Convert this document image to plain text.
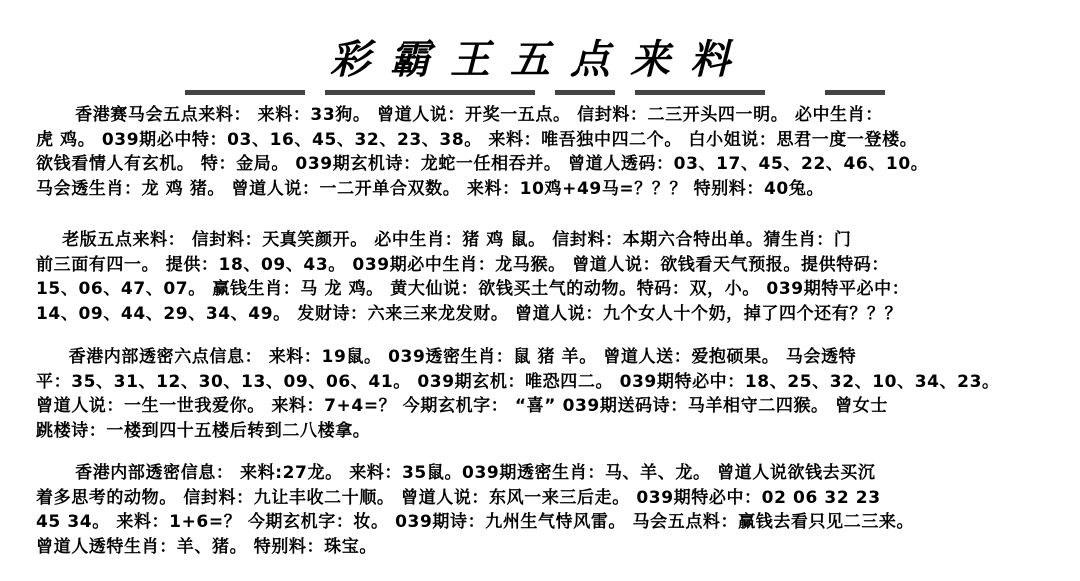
彩霸王五点来料
香港赛马会五点来料： 来料：33狗。 曾道人说：开奖一五点。 信封料：二三开头四一明。 必中生肖：
虎 鸡。 039期必中特：03、16、45、32、23、38。 来料：唯吾独中四二个。 白小姐说：思君一度一登楼。
欲钱看情人有玄机。 特：金局。 039期玄机诗：龙蛇一任相吞并。 曾道人透码：03、17、45、22、46、10。
马会透生肖：龙 鸡 猪。 曾道人说：一二开单合双数。 来料：10鸡+49马=？？？ 特别料：40兔。
老版五点来料： 信封料：天真笑颜开。 必中生肖：猪 鸡 鼠。 信封料：本期六合特出单。猜生肖：门
前三面有四一。 提供：18、09、43。 039期必中生肖：龙马猴。 曾道人说：欲钱看天气预报。提供特码：
15、06、47、07。 赢钱生肖：马 龙 鸡。 黄大仙说：欲钱买土气的动物。特码：双，小。 039期特平必中：
14、09、44、29、34、49。 发财诗：六来三来龙发财。 曾道人说：九个女人十个奶，掉了四个还有？？？
香港内部透密六点信息： 来料：19鼠。 039透密生肖：鼠 猪 羊。 曾道人送：爱抱硕果。 马会透特
平：35、31、12、30、13、09、06、41。 039期玄机：唯恐四二。 039期特必中：18、25、32、10、34、23。
曾道人说：一生一世我爱你。 来料：7+4=？ 今期玄机字： “喜” 039期送码诗：马羊相守二四猴。 曾女士
跳楼诗：一楼到四十五楼后转到二八楼拿。
香港内部透密信息： 来料:27龙。 来料：35鼠。039期透密生肖：马、羊、龙。 曾道人说欲钱去买沉
着多思考的动物。 信封料：九让丰收二十顺。 曾道人说：东风一来三后走。 039期特必中：02 06 32 23
45 34。 来料：1+6=？ 今期玄机字：妆。 039期诗：九州生气恃风雷。 马会五点料：赢钱去看只见二三来。
曾道人透特生肖：羊、猪。 特别料：珠宝。
